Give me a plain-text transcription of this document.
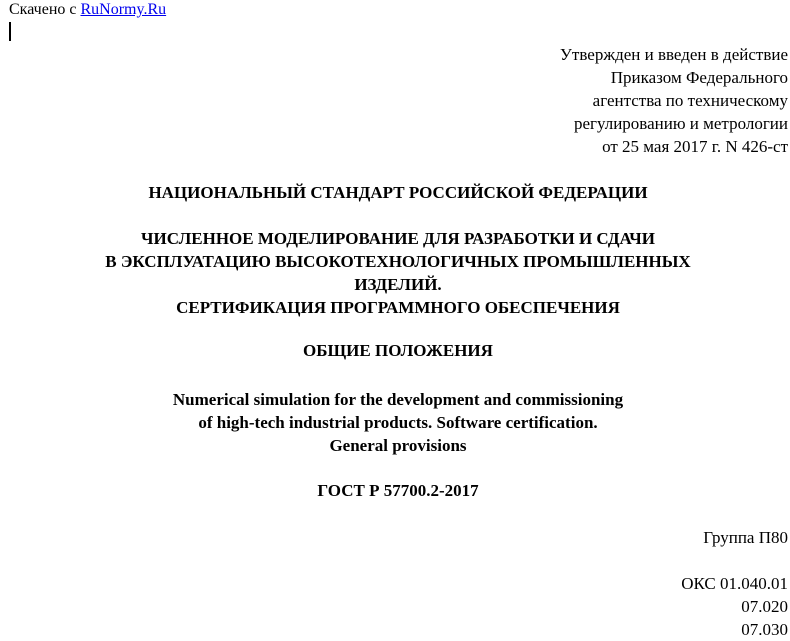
Скачено с RuNormy.Ru
Утвержден и введен в действие
Приказом Федерального
агентства по техническому
регулированию и метрологии
от 25 мая 2017 г. N 426-ст
НАЦИОНАЛЬНЫЙ СТАНДАРТ РОССИЙСКОЙ ФЕДЕРАЦИИ
ЧИСЛЕННОЕ МОДЕЛИРОВАНИЕ ДЛЯ РАЗРАБОТКИ И СДАЧИ
В ЭКСПЛУАТАЦИЮ ВЫСОКОТЕХНОЛОГИЧНЫХ ПРОМЫШЛЕННЫХ
ИЗДЕЛИЙ.
СЕРТИФИКАЦИЯ ПРОГРАММНОГО ОБЕСПЕЧЕНИЯ
ОБЩИЕ ПОЛОЖЕНИЯ
Numerical simulation for the development and commissioning
of high-tech industrial products. Software certification.
General provisions
ГОСТ Р 57700.2-2017
Группа П80
ОКС 01.040.01
07.020
07.030
